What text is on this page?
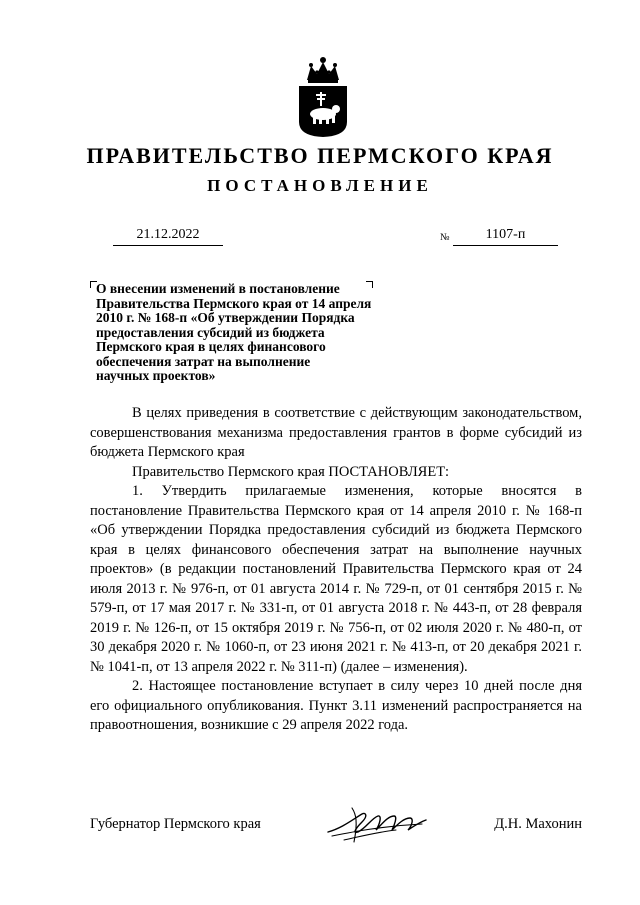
ПРАВИТЕЛЬСТВО ПЕРМСКОГО КРАЯ
ПОСТАНОВЛЕНИЕ
21.12.2022	№	1107-п
О внесении изменений в постановление
Правительства Пермского края от 14 апреля
2010 г. № 168-п «Об утверждении Порядка
предоставления субсидий из бюджета
Пермского края в целях финансового
обеспечения затрат на выполнение
научных проектов»

В целях приведения в соответствие с действующим законодательством, совершенствования механизма предоставления грантов в форме субсидий из бюджета Пермского края

Правительство Пермского края ПОСТАНОВЛЯЕТ:

1. Утвердить прилагаемые изменения, которые вносятся в постановление Правительства Пермского края от 14 апреля 2010 г. № 168-п «Об утверждении Порядка предоставления субсидий из бюджета Пермского края в целях финансового обеспечения затрат на выполнение научных проектов» (в редакции постановлений Правительства Пермского края от 24 июля 2013 г. № 976-п, от 01 августа 2014 г. № 729-п, от 01 сентября 2015 г. № 579-п, от 17 мая 2017 г. № 331-п, от 01 августа 2018 г. № 443-п, от 28 февраля 2019 г. № 126-п, от 15 октября 2019 г. № 756-п, от 02 июля 2020 г. № 480-п, от 30 декабря 2020 г. № 1060-п, от 23 июня 2021 г. № 413-п, от 20 декабря 2021 г. № 1041-п, от 13 апреля 2022 г. № 311-п) (далее – изменения).

2. Настоящее постановление вступает в силу через 10 дней после дня его официального опубликования. Пункт 3.11 изменений распространяется на правоотношения, возникшие с 29 апреля 2022 года.

Губернатор Пермского края	Д.Н. Махонин
